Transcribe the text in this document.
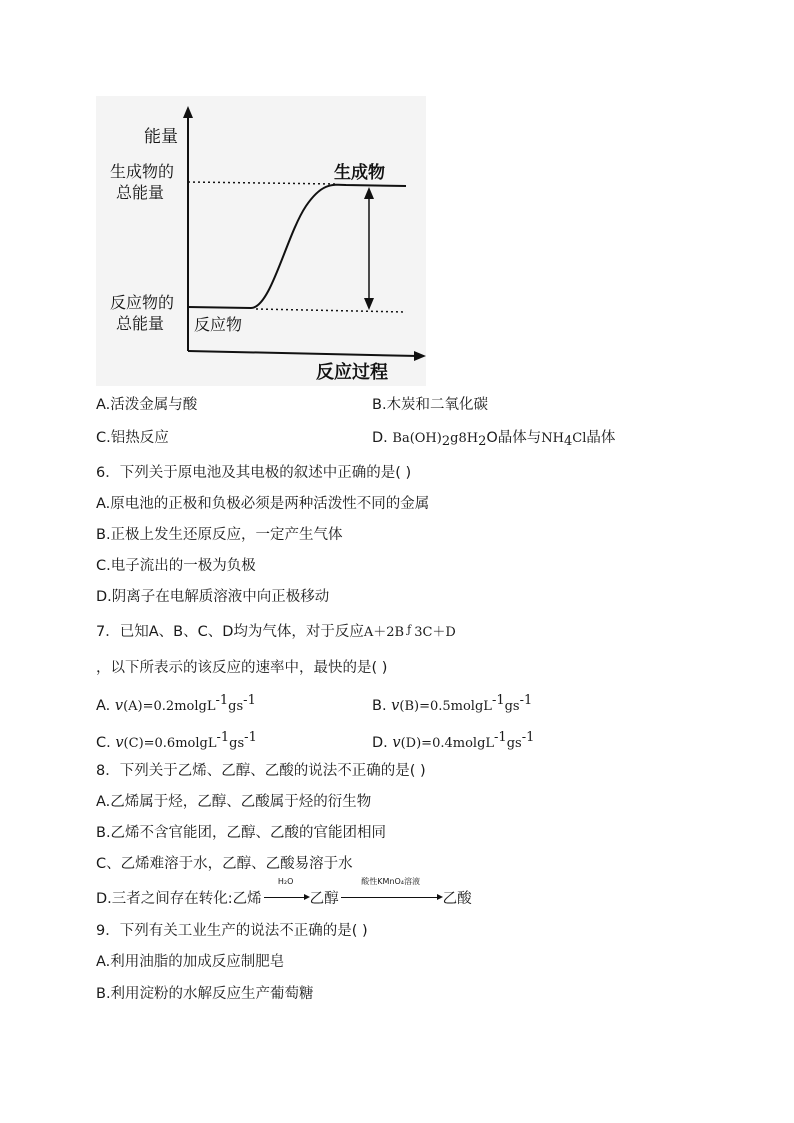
能量
生成物的
总能量
反应物的
总能量
生成物
反应物
反应过程
A.活泼金属与酸	B.木炭和二氧化碳
C.铝热反应	D. Ba(OH)2g8H2O晶体与NH4Cl晶体
6．下列关于原电池及其电极的叙述中正确的是( )
A.原电池的正极和负极必须是两种活泼性不同的金属
B.正极上发生还原反应，一定产生气体
C.电子流出的一极为负极
D.阴离子在电解质溶液中向正极移动
7．已知A、B、C、D均为气体，对于反应A＋2B $^ƒ$ 3C＋D
，以下所表示的该反应的速率中，最快的是( )
A. v(A)=0.2molgL-1gs-1	B. v(B)=0.5molgL-1gs-1
C. v(C)=0.6molgL-1gs-1	D. v(D)=0.4molgL-1gs-1
8．下列关于乙烯、乙醇、乙酸的说法不正确的是( )
A.乙烯属于烃，乙醇、乙酸属于烃的衍生物
B.乙烯不含官能团，乙醇、乙酸的官能团相同
C、乙烯难溶于水，乙醇、乙酸易溶于水
D.三者之间存在转化:乙烯
H₂O
乙醇
酸性KMnO₄溶液
乙酸
9．下列有关工业生产的说法不正确的是( )
A.利用油脂的加成反应制肥皂
B.利用淀粉的水解反应生产葡萄糖
